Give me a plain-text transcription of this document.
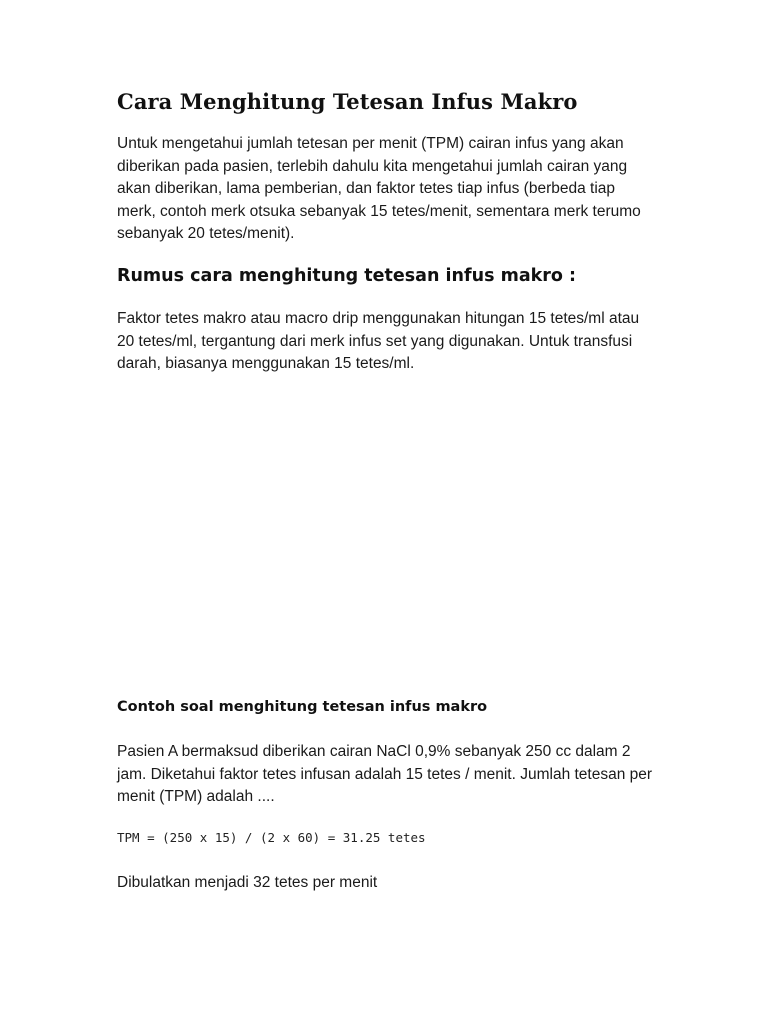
Cara Menghitung Tetesan Infus Makro

Untuk mengetahui jumlah tetesan per menit (TPM) cairan infus yang akan diberikan pada pasien, terlebih dahulu kita mengetahui jumlah cairan yang akan diberikan, lama pemberian, dan faktor tetes tiap infus (berbeda tiap merk, contoh merk otsuka sebanyak 15 tetes/menit, sementara merk terumo sebanyak 20 tetes/menit).

Rumus cara menghitung tetesan infus makro :

Faktor tetes makro atau macro drip menggunakan hitungan 15 tetes/ml atau 20 tetes/ml, tergantung dari merk infus set yang digunakan. Untuk transfusi darah, biasanya menggunakan 15 tetes/ml.

Contoh soal menghitung tetesan infus makro

Pasien A bermaksud diberikan cairan NaCl 0,9% sebanyak 250 cc dalam 2 jam. Diketahui faktor tetes infusan adalah 15 tetes / menit. Jumlah tetesan per menit (TPM) adalah ....

TPM = (250 x 15) / (2 x 60) = 31.25 tetes

Dibulatkan menjadi 32 tetes per menit
